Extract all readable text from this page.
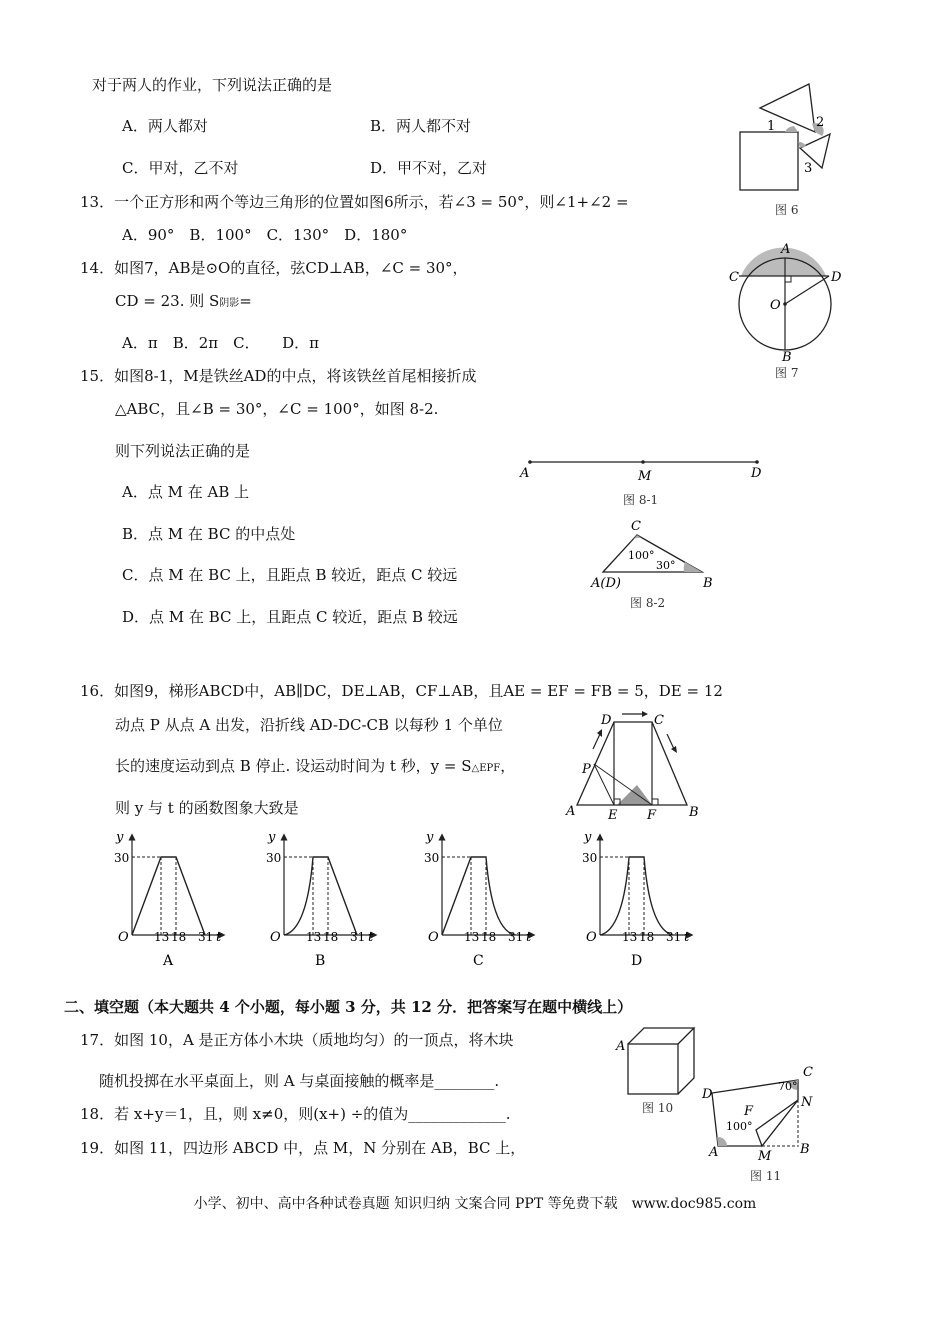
对于两人的作业，下列说法正确的是
A．两人都对	B．两人都不对
C．甲对，乙不对	D．甲不对，乙对
13．一个正方形和两个等边三角形的位置如图6所示，若∠3 = 50°，则∠1+∠2 =
A．90°　B．100°　C．130°　D．180°
14．如图7，AB是⊙O的直径，弦CD⊥AB，∠C = 30°，
CD = 23. 则 S阴影=
A．π　B．2π　C．　　D．π
15．如图8-1，M是铁丝AD的中点，将该铁丝首尾相接折成
△ABC，且∠B = 30°，∠C = 100°，如图 8-2.
则下列说法正确的是
A．点 M 在 AB 上
B．点 M 在 BC 的中点处
C．点 M 在 BC 上，且距点 B 较近，距点 C 较远
D．点 M 在 BC 上，且距点 C 较近，距点 B 较远
16．如图9，梯形ABCD中，AB∥DC，DE⊥AB，CF⊥AB，且AE = EF = FB = 5，DE = 12
动点 P 从点 A 出发，沿折线 AD-DC-CB 以每秒 1 个单位
长的速度运动到点 B 停止. 设运动时间为 t 秒，y = S△EPF，
则 y 与 t 的函数图象大致是
二、填空题（本大题共 4 个小题，每小题 3 分，共 12 分．把答案写在题中横线上）
17．如图 10，A 是正方体小木块（质地均匀）的一顶点，将木块
随机投掷在水平桌面上，则 A 与桌面接触的概率是________.
18．若 x+y＝1，且，则 x≠0，则(x+) ÷的值为_____________.
19．如图 11，四边形 ABCD 中，点 M，N 分别在 AB，BC 上，
1	2
3
图 6
A
B
C	D
O
图 7
A	M	D
图 8-1
C
A(D)	B
100°
30°
图 8-2
A	B
C
D
E F
P
y
30
O 13 18 31 t
A
y
30
O 13 18 31 t
B
y
30
O 13 18 31 t
C
y
30
O 13 18 31 t
D
A
图 10
A	B
C
D
F
M
N
100°
70°
图 11
小学、初中、高中各种试卷真题 知识归纳 文案合同 PPT 等免费下载　www.doc985.com
